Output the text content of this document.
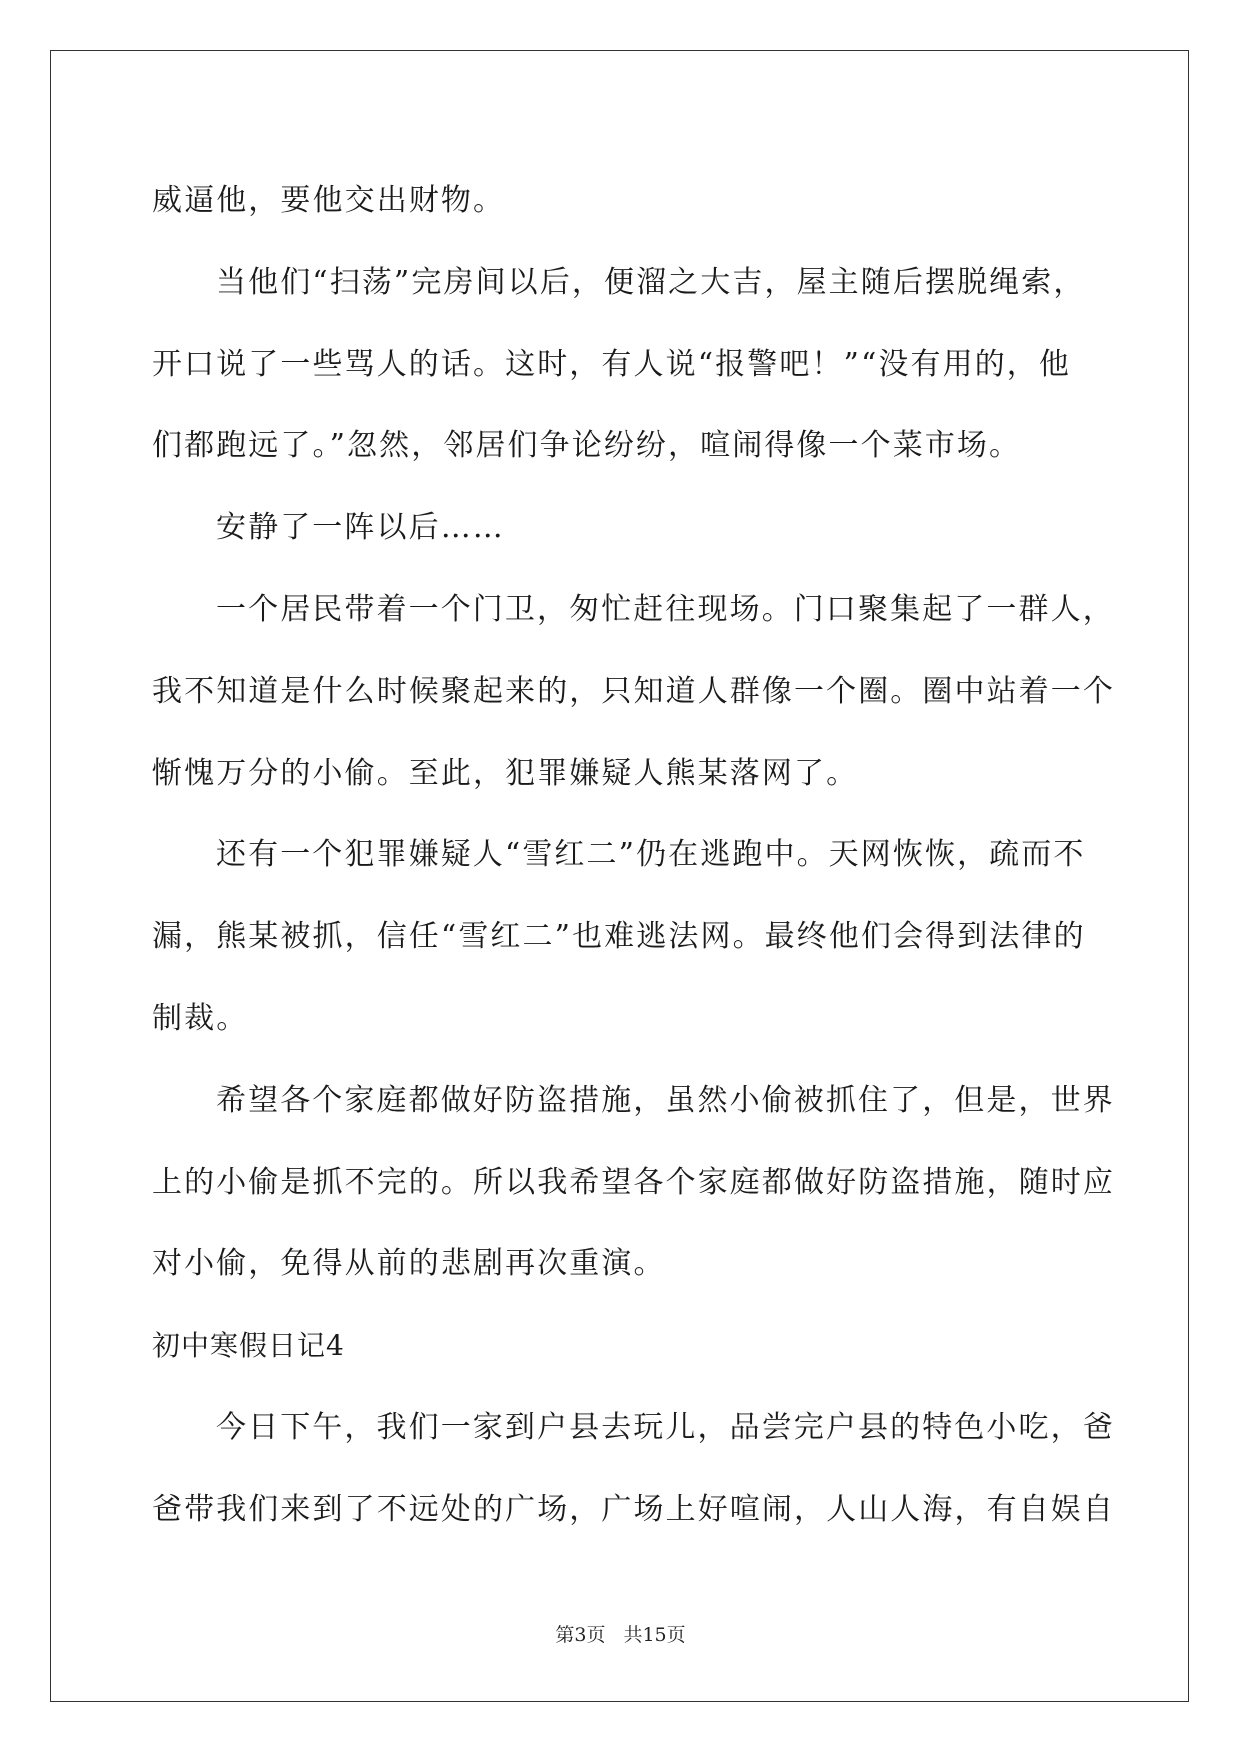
威逼他，要他交出财物。
当他们“扫荡”完房间以后，便溜之大吉，屋主随后摆脱绳索，
开口说了一些骂人的话。这时，有人说“报警吧！”“没有用的，他
们都跑远了。”忽然，邻居们争论纷纷，喧闹得像一个菜市场。
安静了一阵以后……
一个居民带着一个门卫，匆忙赶往现场。门口聚集起了一群人，
我不知道是什么时候聚起来的，只知道人群像一个圈。圈中站着一个
惭愧万分的小偷。至此，犯罪嫌疑人熊某落网了。
还有一个犯罪嫌疑人“雪红二”仍在逃跑中。天网恢恢，疏而不
漏，熊某被抓，信任“雪红二”也难逃法网。最终他们会得到法律的
制裁。
希望各个家庭都做好防盗措施，虽然小偷被抓住了，但是，世界
上的小偷是抓不完的。所以我希望各个家庭都做好防盗措施，随时应
对小偷，免得从前的悲剧再次重演。
初中寒假日记4
今日下午，我们一家到户县去玩儿，品尝完户县的特色小吃，爸
爸带我们来到了不远处的广场，广场上好喧闹，人山人海，有自娱自
第3页 共15页
